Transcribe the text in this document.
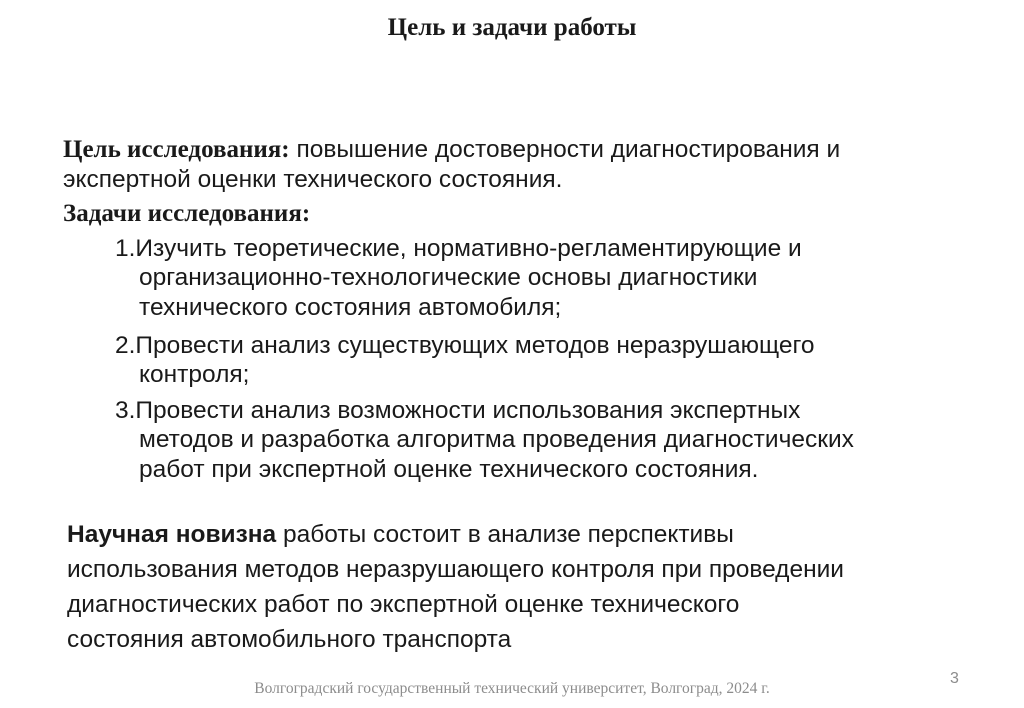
Цель и задачи работы
Цель исследования: повышение достоверности диагностирования и
экспертной оценки технического состояния.
Задачи исследования:
1.Изучить теоретические, нормативно-регламентирующие и
организационно-технологические основы диагностики
технического состояния автомобиля;
2.Провести анализ существующих методов неразрушающего
контроля;
3.Провести анализ возможности использования экспертных
методов и разработка алгоритма проведения диагностических
работ при экспертной оценке технического состояния.
Научная новизна работы состоит в анализе перспективы
использования методов неразрушающего контроля при проведении
диагностических работ по экспертной оценке технического
состояния автомобильного транспорта
Волгоградский государственный технический университет, Волгоград, 2024 г.
3
